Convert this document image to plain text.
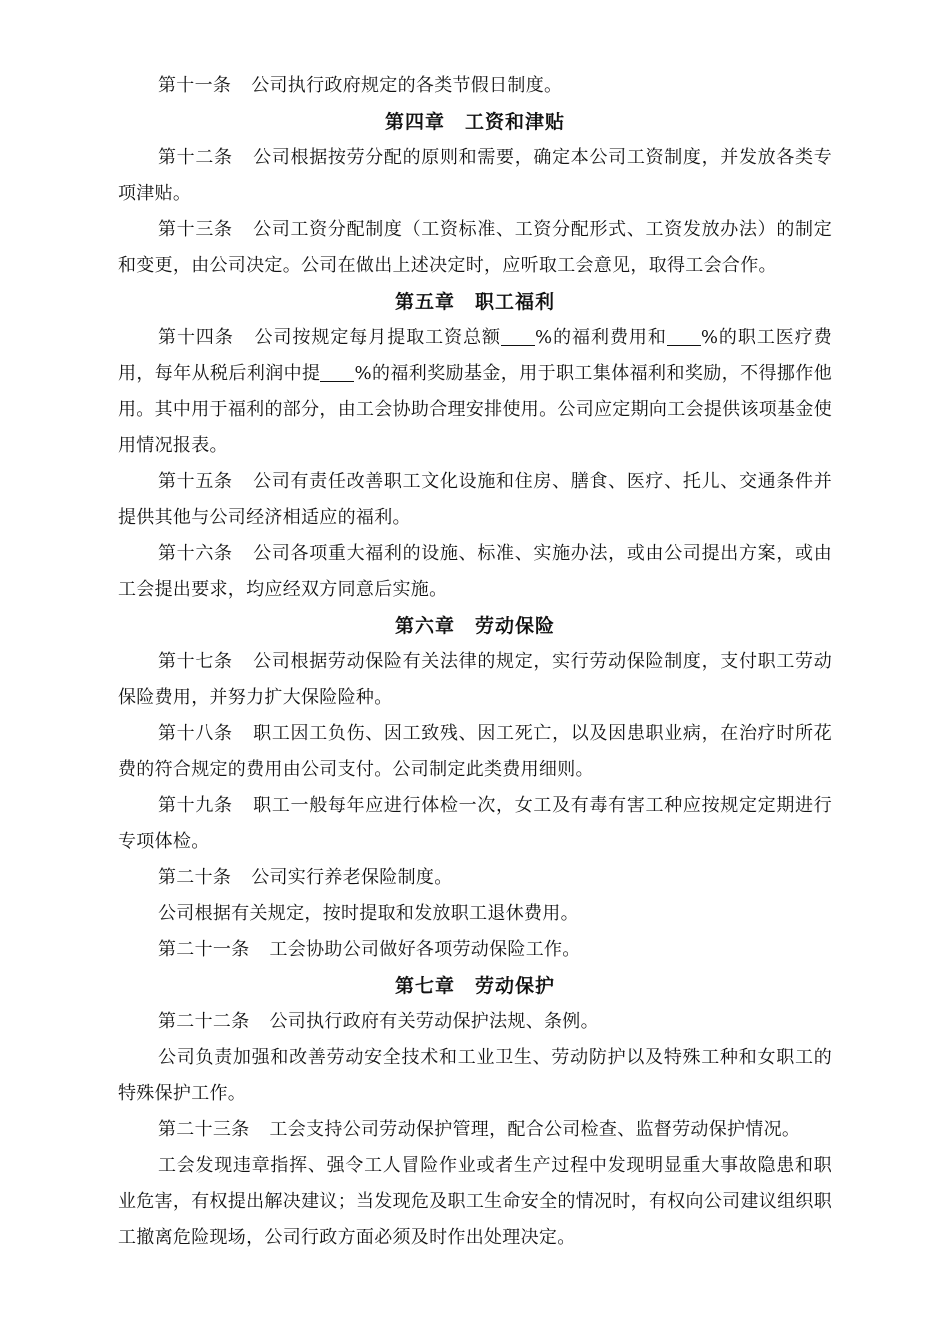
第十一条 公司执行政府规定的各类节假日制度。

第四章 工资和津贴

第十二条 公司根据按劳分配的原则和需要，确定本公司工资制度，并发放各类专项津贴。

第十三条 公司工资分配制度（工资标准、工资分配形式、工资发放办法）的制定和变更，由公司决定。公司在做出上述决定时，应听取工会意见，取得工会合作。

第五章 职工福利

第十四条 公司按规定每月提取工资总额 %的福利费用和 %的职工医疗费用，每年从税后利润中提 %的福利奖励基金，用于职工集体福利和奖励，不得挪作他用。其中用于福利的部分，由工会协助合理安排使用。公司应定期向工会提供该项基金使用情况报表。

第十五条 公司有责任改善职工文化设施和住房、膳食、医疗、托儿、交通条件并提供其他与公司经济相适应的福利。

第十六条 公司各项重大福利的设施、标准、实施办法，或由公司提出方案，或由工会提出要求，均应经双方同意后实施。

第六章 劳动保险

第十七条 公司根据劳动保险有关法律的规定，实行劳动保险制度，支付职工劳动保险费用，并努力扩大保险险种。

第十八条 职工因工负伤、因工致残、因工死亡，以及因患职业病，在治疗时所花费的符合规定的费用由公司支付。公司制定此类费用细则。

第十九条 职工一般每年应进行体检一次，女工及有毒有害工种应按规定定期进行专项体检。

第二十条 公司实行养老保险制度。

公司根据有关规定，按时提取和发放职工退休费用。

第二十一条 工会协助公司做好各项劳动保险工作。

第七章 劳动保护

第二十二条 公司执行政府有关劳动保护法规、条例。

公司负责加强和改善劳动安全技术和工业卫生、劳动防护以及特殊工种和女职工的特殊保护工作。

第二十三条 工会支持公司劳动保护管理，配合公司检查、监督劳动保护情况。

工会发现违章指挥、强令工人冒险作业或者生产过程中发现明显重大事故隐患和职业危害，有权提出解决建议；当发现危及职工生命安全的情况时，有权向公司建议组织职工撤离危险现场，公司行政方面必须及时作出处理决定。
